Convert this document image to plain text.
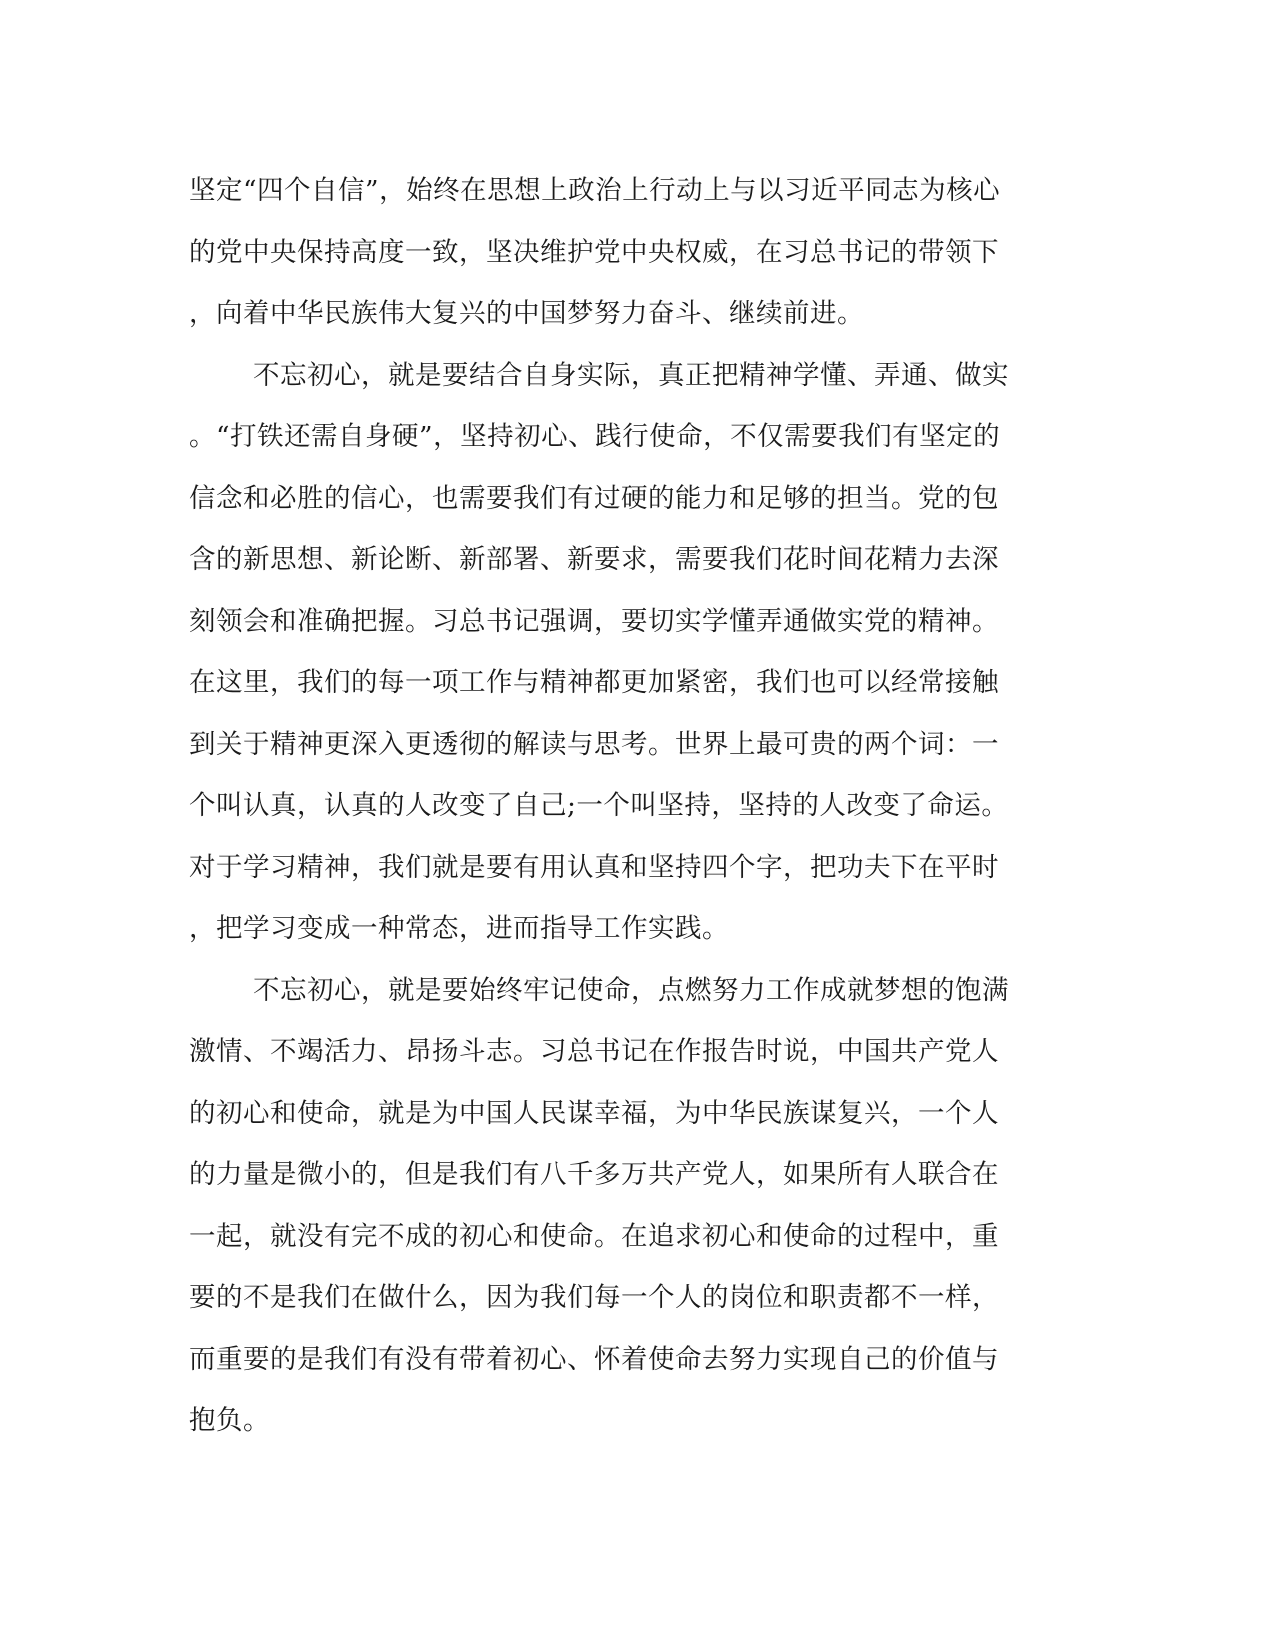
坚定“四个自信”，始终在思想上政治上行动上与以习近平同志为核心
的党中央保持高度一致，坚决维护党中央权威，在习总书记的带领下
，向着中华民族伟大复兴的中国梦努力奋斗、继续前进。
不忘初心，就是要结合自身实际，真正把精神学懂、弄通、做实
。“打铁还需自身硬”，坚持初心、践行使命，不仅需要我们有坚定的
信念和必胜的信心，也需要我们有过硬的能力和足够的担当。党的包
含的新思想、新论断、新部署、新要求，需要我们花时间花精力去深
刻领会和准确把握。习总书记强调，要切实学懂弄通做实党的精神。
在这里，我们的每一项工作与精神都更加紧密，我们也可以经常接触
到关于精神更深入更透彻的解读与思考。世界上最可贵的两个词：一
个叫认真，认真的人改变了自己;一个叫坚持，坚持的人改变了命运。
对于学习精神，我们就是要有用认真和坚持四个字，把功夫下在平时
，把学习变成一种常态，进而指导工作实践。
不忘初心，就是要始终牢记使命，点燃努力工作成就梦想的饱满
激情、不竭活力、昂扬斗志。习总书记在作报告时说，中国共产党人
的初心和使命，就是为中国人民谋幸福，为中华民族谋复兴，一个人
的力量是微小的，但是我们有八千多万共产党人，如果所有人联合在
一起，就没有完不成的初心和使命。在追求初心和使命的过程中，重
要的不是我们在做什么，因为我们每一个人的岗位和职责都不一样，
而重要的是我们有没有带着初心、怀着使命去努力实现自己的价值与
抱负。
